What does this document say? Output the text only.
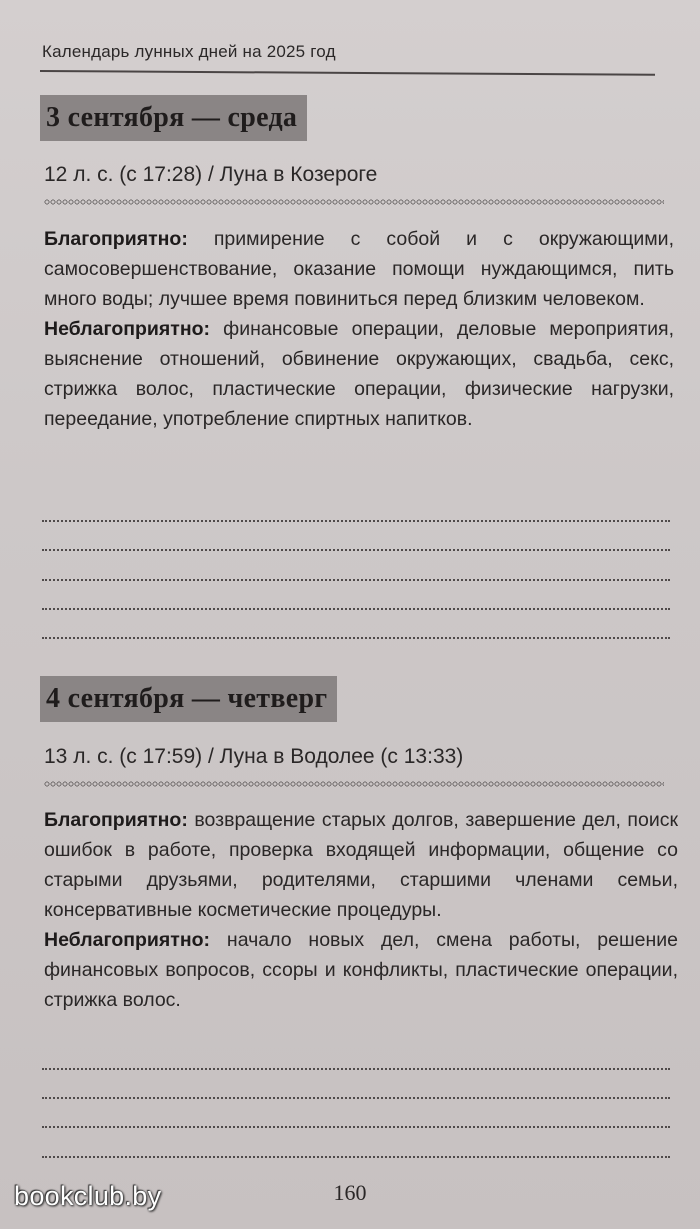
Календарь лунных дней на 2025 год
3 сентября — среда
12 л. с. (с 17:28) / Луна в Козероге

Благоприятно: примирение с собой и с окружающими, самосовершенствование, оказание помощи нуждающимся, пить много воды; лучшее время повиниться перед близким человеком.

Неблагоприятно: финансовые операции, деловые мероприятия, выяснение отношений, обвинение окружающих, свадьба, секс, стрижка волос, пластические операции, физические нагрузки, переедание, употребление спиртных напитков.

4 сентября — четверг
13 л. с. (с 17:59) / Луна в Водолее (с 13:33)

Благоприятно: возвращение старых долгов, завершение дел, поиск ошибок в работе, проверка входящей информации, общение со старыми друзьями, родителями, старшими членами семьи, консервативные косметические процедуры.

Неблагоприятно: начало новых дел, смена работы, решение финансовых вопросов, ссоры и конфликты, пластические операции, стрижка волос.

160
bookclub.by
